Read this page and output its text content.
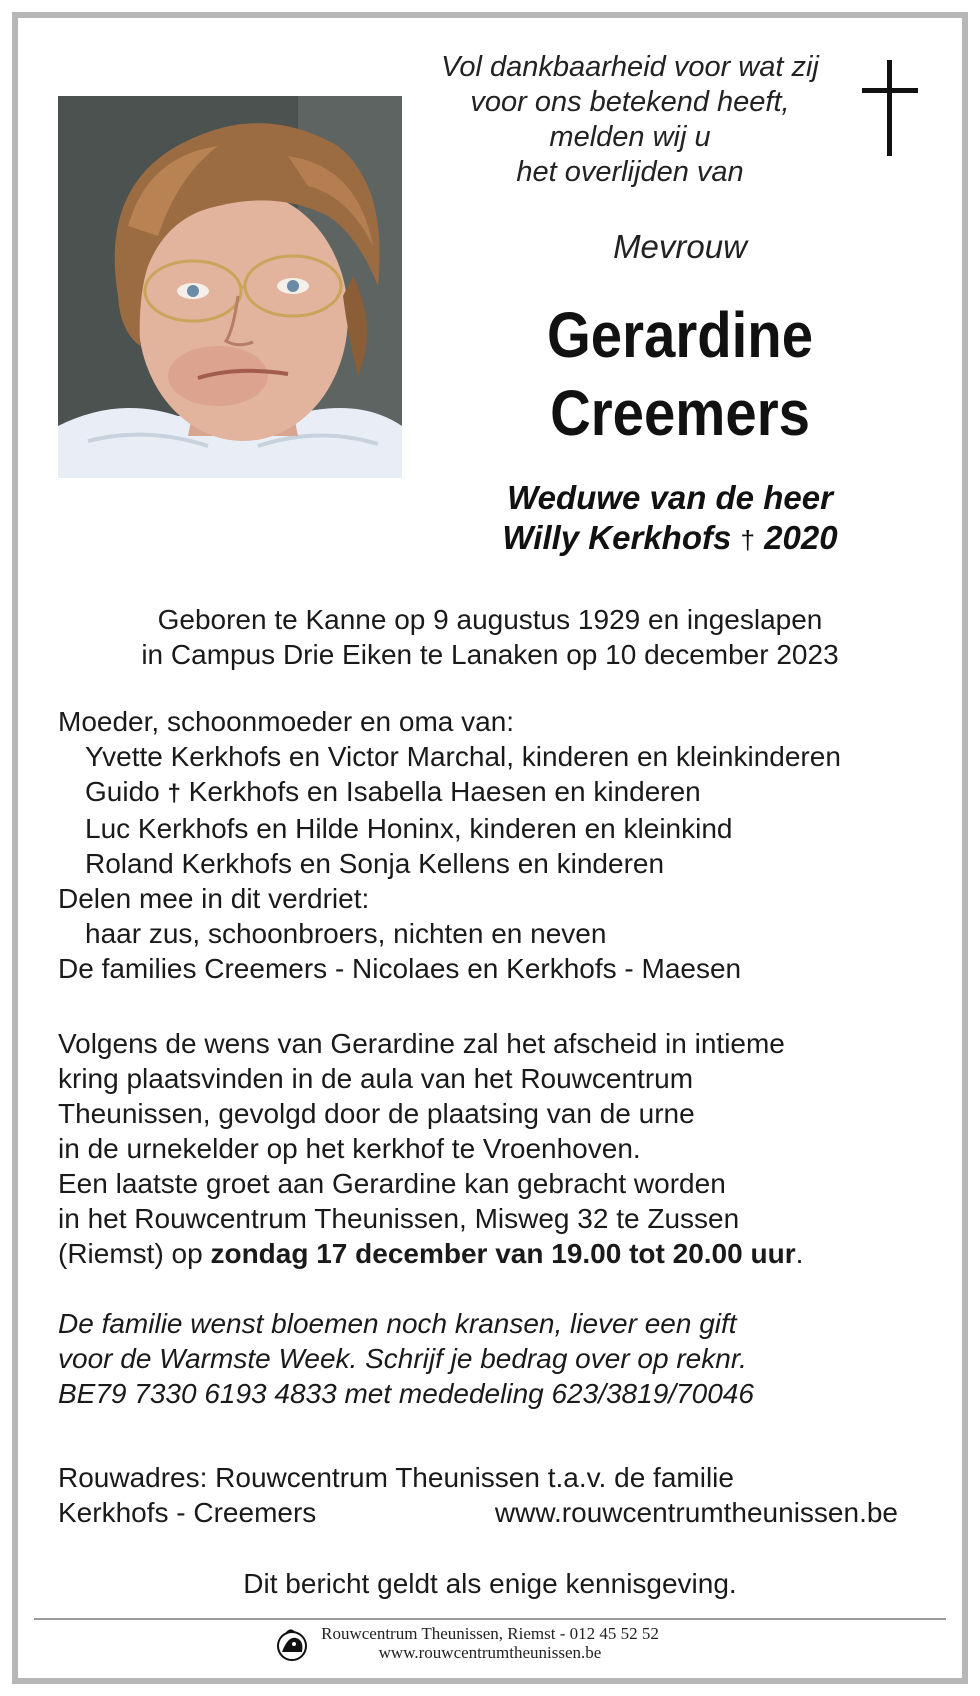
Vol dankbaarheid voor wat zij
voor ons betekend heeft,
melden wij u
het overlijden van
Mevrouw
Gerardine
Creemers
Weduwe van de heer
Willy Kerkhofs † 2020
Geboren te Kanne op 9 augustus 1929 en ingeslapen
in Campus Drie Eiken te Lanaken op 10 december 2023
Moeder, schoonmoeder en oma van:
Yvette Kerkhofs en Victor Marchal, kinderen en kleinkinderen
Guido † Kerkhofs en Isabella Haesen en kinderen
Luc Kerkhofs en Hilde Honinx, kinderen en kleinkind
Roland Kerkhofs en Sonja Kellens en kinderen
Delen mee in dit verdriet:
haar zus, schoonbroers, nichten en neven
De families Creemers - Nicolaes en Kerkhofs - Maesen
Volgens de wens van Gerardine zal het afscheid in intieme
kring plaatsvinden in de aula van het Rouwcentrum
Theunissen, gevolgd door de plaatsing van de urne
in de urnekelder op het kerkhof te Vroenhoven.
Een laatste groet aan Gerardine kan gebracht worden
in het Rouwcentrum Theunissen, Misweg 32 te Zussen
(Riemst) op zondag 17 december van 19.00 tot 20.00 uur.
De familie wenst bloemen noch kransen, liever een gift
voor de Warmste Week. Schrijf je bedrag over op reknr.
BE79 7330 6193 4833 met mededeling 623/3819/70046
Rouwadres: Rouwcentrum Theunissen t.a.v. de familie
Kerkhofs - Creemers	www.rouwcentrumtheunissen.be
Dit bericht geldt als enige kennisgeving.
Rouwcentrum Theunissen, Riemst - 012 45 52 52
www.rouwcentrumtheunissen.be
